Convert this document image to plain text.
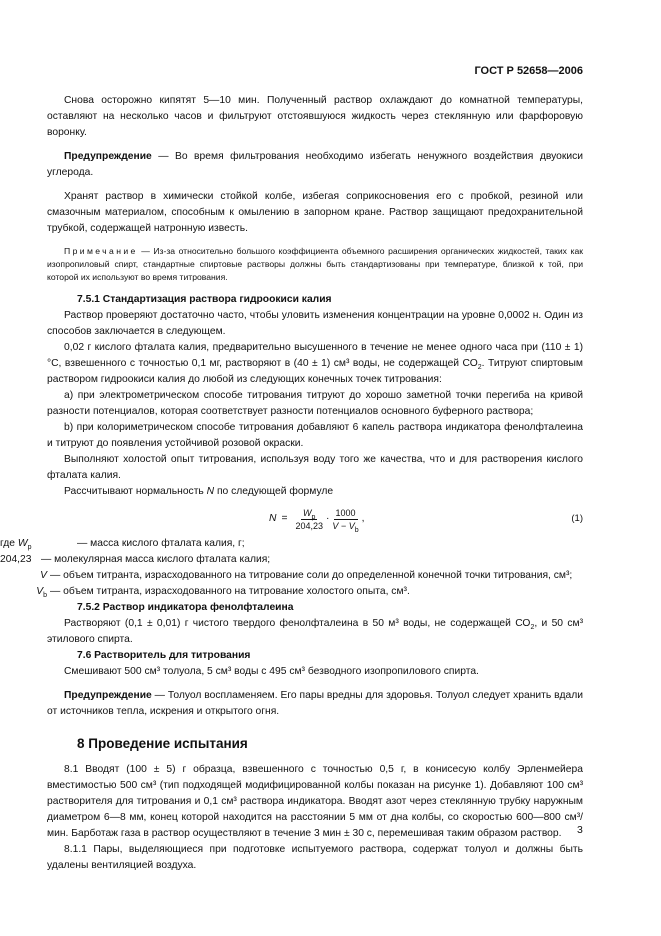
ГОСТ Р 52658—2006

Снова осторожно кипятят 5—10 мин. Полученный раствор охлаждают до комнатной температуры, оставляют на несколько часов и фильтруют отстоявшуюся жидкость через стеклянную или фарфоровую воронку.

Предупреждение — Во время фильтрования необходимо избегать ненужного воздействия двуокиси углерода.

Хранят раствор в химически стойкой колбе, избегая соприкосновения его с пробкой, резиной или смазочным материалом, способным к омылению в запорном кране. Раствор защищают предохранительной трубкой, содержащей натронную известь.

Примечание — Из-за относительно большого коэффициента объемного расширения органических жидкостей, таких как изопропиловый спирт, стандартные спиртовые растворы должны быть стандартизованы при температуре, близкой к той, при которой их используют во время титрования.

7.5.1 Стандартизация раствора гидроокиси калия

Раствор проверяют достаточно часто, чтобы уловить изменения концентрации на уровне 0,0002 н. Один из способов заключается в следующем.

0,02 г кислого фталата калия, предварительно высушенного в течение не менее одного часа при (110 ± 1) °С, взвешенного с точностью 0,1 мг, растворяют в (40 ± 1) см³ воды, не содержащей $СО_2$. Титруют спиртовым раствором гидроокиси калия до любой из следующих конечных точек титрования:

а) при электрометрическом способе титрования титруют до хорошо заметной точки перегиба на кривой разности потенциалов, которая соответствует разности потенциалов основного буферного раствора;

b) при колориметрическом способе титрования добавляют 6 капель раствора индикатора фенолфталеина и титруют до появления устойчивой розовой окраски.

Выполняют холостой опыт титрования, используя воду того же качества, что и для растворения кислого фталата калия.

Рассчитывают нормальность N по следующей формуле

$N = \frac{W_p}{204,23} \cdot \frac{1000}{V - V_b}$ ,	(1)
где $W_p$	— масса кислого фталата калия, г;
204,23 — молекулярная масса кислого фталата калия;
V — объем титранта, израсходованного на титрование соли до определенной конечной точки титрования, см³;
$V_b$ — объем титранта, израсходованного на титрование холостого опыта, см³.
7.5.2 Раствор индикатора фенолфталеина

Растворяют (0,1 ± 0,01) г чистого твердого фенолфталеина в 50 м³ воды, не содержащей $СО_2$, и 50 см³ этилового спирта.

7.6 Растворитель для титрования

Смешивают 500 см³ толуола, 5 см³ воды с 495 см³ безводного изопропилового спирта.

Предупреждение — Толуол воспламеняем. Его пары вредны для здоровья. Толуол следует хранить вдали от источников тепла, искрения и открытого огня.

8 Проведение испытания

8.1 Вводят (100 ± 5) г образца, взвешенного с точностью 0,5 г, в конисесую колбу Эрленмейера вместимостью 500 см³ (тип подходящей модифицированной колбы показан на рисунке 1). Добавляют 100 см³ растворителя для титрования и 0,1 см³ раствора индикатора. Вводят азот через стеклянную трубку наружным диаметром 6—8 мм, конец которой находится на расстоянии 5 мм от дна колбы, со скоростью 600—800 см³/ мин. Барботаж газа в раствор осуществляют в течение 3 мин ± 30 с, перемешивая таким образом раствор.

8.1.1 Пары, выделяющиеся при подготовке испытуемого раствора, содержат толуол и должны быть удалены вентиляцией воздуха.

3
